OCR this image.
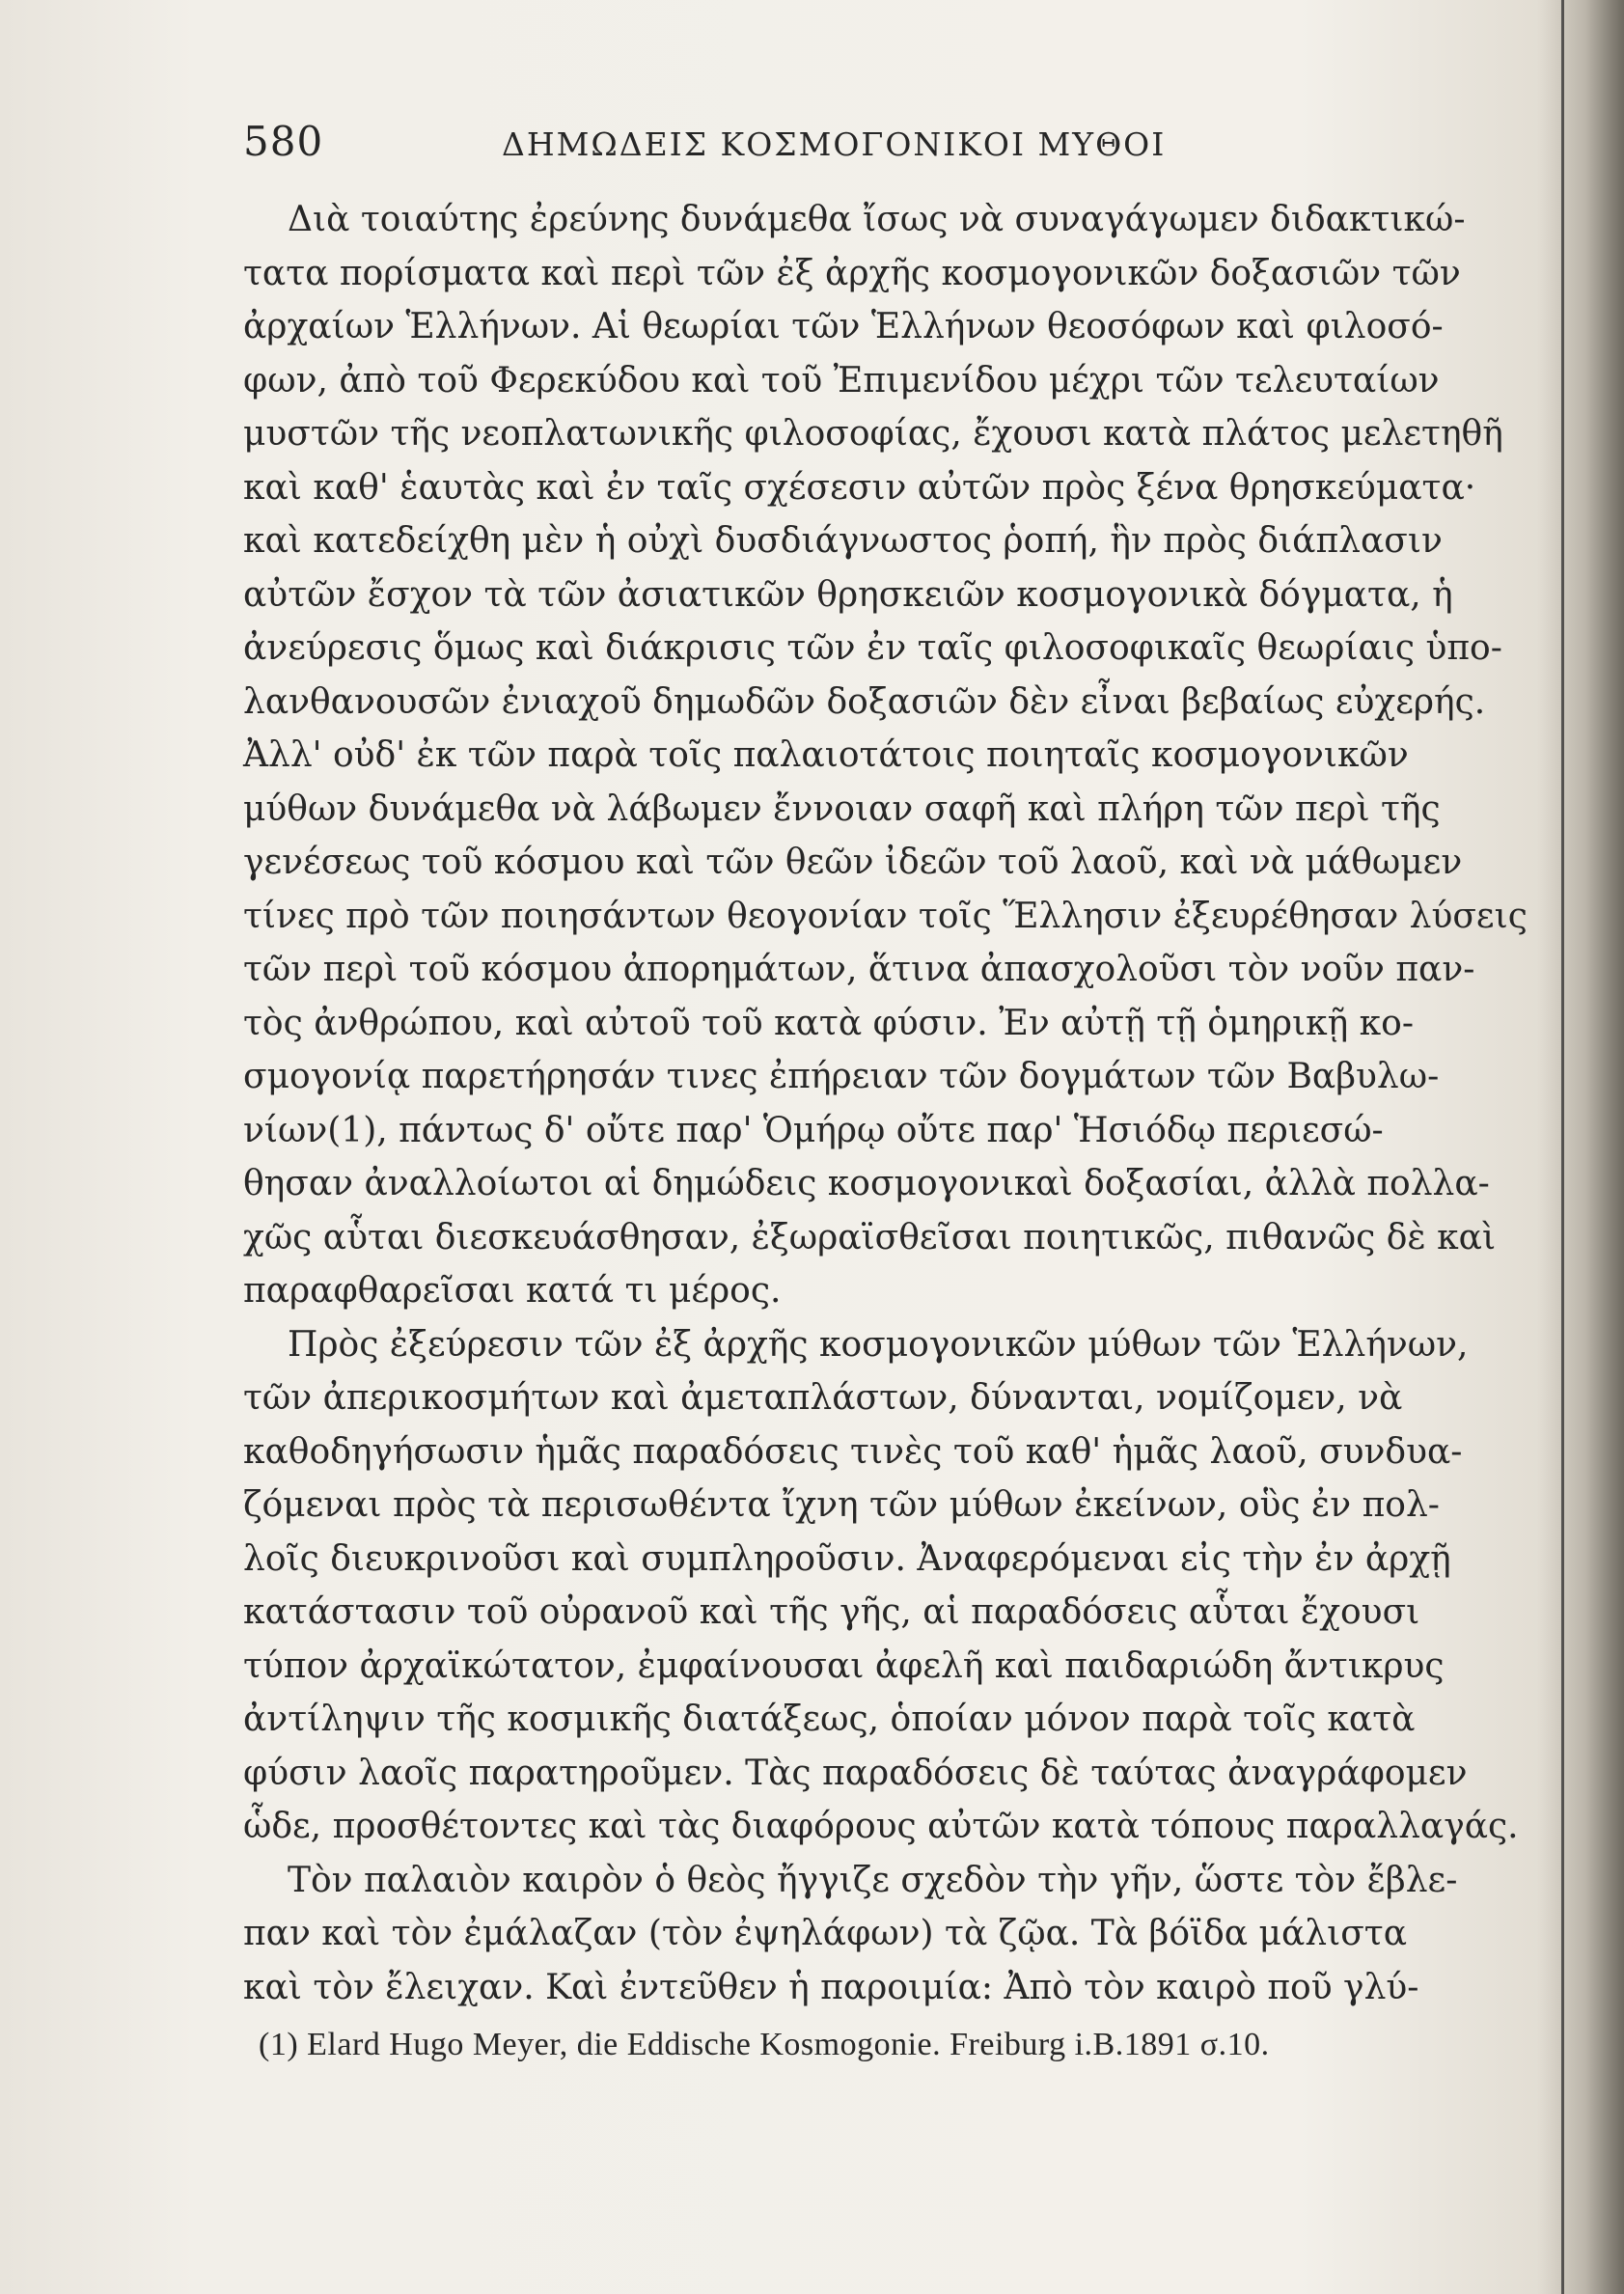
580	ΔΗΜΩΔΕΙΣ ΚΟΣΜΟΓΟΝΙΚΟΙ ΜΥΘΟΙ
Διὰ τοιαύτης ἐρεύνης δυνάμεθα ἴσως νὰ συναγάγωμεν διδακτικώ-
τατα πορίσματα καὶ περὶ τῶν ἐξ ἀρχῆς κοσμογονικῶν δοξασιῶν τῶν
ἀρχαίων Ἑλλήνων. Αἱ θεωρίαι τῶν Ἑλλήνων θεοσόφων καὶ φιλοσό-
φων, ἀπὸ τοῦ Φερεκύδου καὶ τοῦ Ἐπιμενίδου μέχρι τῶν τελευταίων
μυστῶν τῆς νεοπλατωνικῆς φιλοσοφίας, ἔχουσι κατὰ πλάτος μελετηθῆ
καὶ καθ' ἑαυτὰς καὶ ἐν ταῖς σχέσεσιν αὐτῶν πρὸς ξένα θρησκεύματα·
καὶ κατεδείχθη μὲν ἡ οὐχὶ δυσδιάγνωστος ῥοπή, ἣν πρὸς διάπλασιν
αὐτῶν ἔσχον τὰ τῶν ἀσιατικῶν θρησκειῶν κοσμογονικὰ δόγματα, ἡ
ἀνεύρεσις ὅμως καὶ διάκρισις τῶν ἐν ταῖς φιλοσοφικαῖς θεωρίαις ὑπο-
λανθανουσῶν ἐνιαχοῦ δημωδῶν δοξασιῶν δὲν εἶναι βεβαίως εὐχερής.
Ἀλλ' οὐδ' ἐκ τῶν παρὰ τοῖς παλαιοτάτοις ποιηταῖς κοσμογονικῶν
μύθων δυνάμεθα νὰ λάβωμεν ἔννοιαν σαφῆ καὶ πλήρη τῶν περὶ τῆς
γενέσεως τοῦ κόσμου καὶ τῶν θεῶν ἰδεῶν τοῦ λαοῦ, καὶ νὰ μάθωμεν
τίνες πρὸ τῶν ποιησάντων θεογονίαν τοῖς Ἕλλησιν ἐξευρέθησαν λύσεις
τῶν περὶ τοῦ κόσμου ἀπορημάτων, ἅτινα ἀπασχολοῦσι τὸν νοῦν παν-
τὸς ἀνθρώπου, καὶ αὐτοῦ τοῦ κατὰ φύσιν. Ἐν αὐτῇ τῇ ὁμηρικῇ κο-
σμογονίᾳ παρετήρησάν τινες ἐπήρειαν τῶν δογμάτων τῶν Βαβυλω-
νίων(1), πάντως δ' οὔτε παρ' Ὁμήρῳ οὔτε παρ' Ἡσιόδῳ περιεσώ-
θησαν ἀναλλοίωτοι αἱ δημώδεις κοσμογονικαὶ δοξασίαι, ἀλλὰ πολλα-
χῶς αὗται διεσκευάσθησαν, ἐξωραϊσθεῖσαι ποιητικῶς, πιθανῶς δὲ καὶ
παραφθαρεῖσαι κατά τι μέρος.
Πρὸς ἐξεύρεσιν τῶν ἐξ ἀρχῆς κοσμογονικῶν μύθων τῶν Ἑλλήνων,
τῶν ἀπερικοσμήτων καὶ ἀμεταπλάστων, δύνανται, νομίζομεν, νὰ
καθοδηγήσωσιν ἡμᾶς παραδόσεις τινὲς τοῦ καθ' ἡμᾶς λαοῦ, συνδυα-
ζόμεναι πρὸς τὰ περισωθέντα ἴχνη τῶν μύθων ἐκείνων, οὓς ἐν πολ-
λοῖς διευκρινοῦσι καὶ συμπληροῦσιν. Ἀναφερόμεναι εἰς τὴν ἐν ἀρχῇ
κατάστασιν τοῦ οὐρανοῦ καὶ τῆς γῆς, αἱ παραδόσεις αὗται ἔχουσι
τύπον ἀρχαϊκώτατον, ἐμφαίνουσαι ἀφελῆ καὶ παιδαριώδη ἄντικρυς
ἀντίληψιν τῆς κοσμικῆς διατάξεως, ὁποίαν μόνον παρὰ τοῖς κατὰ
φύσιν λαοῖς παρατηροῦμεν. Τὰς παραδόσεις δὲ ταύτας ἀναγράφομεν
ὧδε, προσθέτοντες καὶ τὰς διαφόρους αὐτῶν κατὰ τόπους παραλλαγάς.
Τὸν παλαιὸν καιρὸν ὁ θεὸς ἤγγιζε σχεδὸν τὴν γῆν, ὥστε τὸν ἔβλε-
παν καὶ τὸν ἐμάλαζαν (τὸν ἐψηλάφων) τὰ ζῷα. Τὰ βόϊδα μάλιστα
καὶ τὸν ἔλειχαν. Καὶ ἐντεῦθεν ἡ παροιμία: Ἀπὸ τὸν καιρὸ ποῦ γλύ-
(1) Elard Hugo Meyer, die Eddische Kosmogonie. Freiburg i.B.1891 σ.10.
